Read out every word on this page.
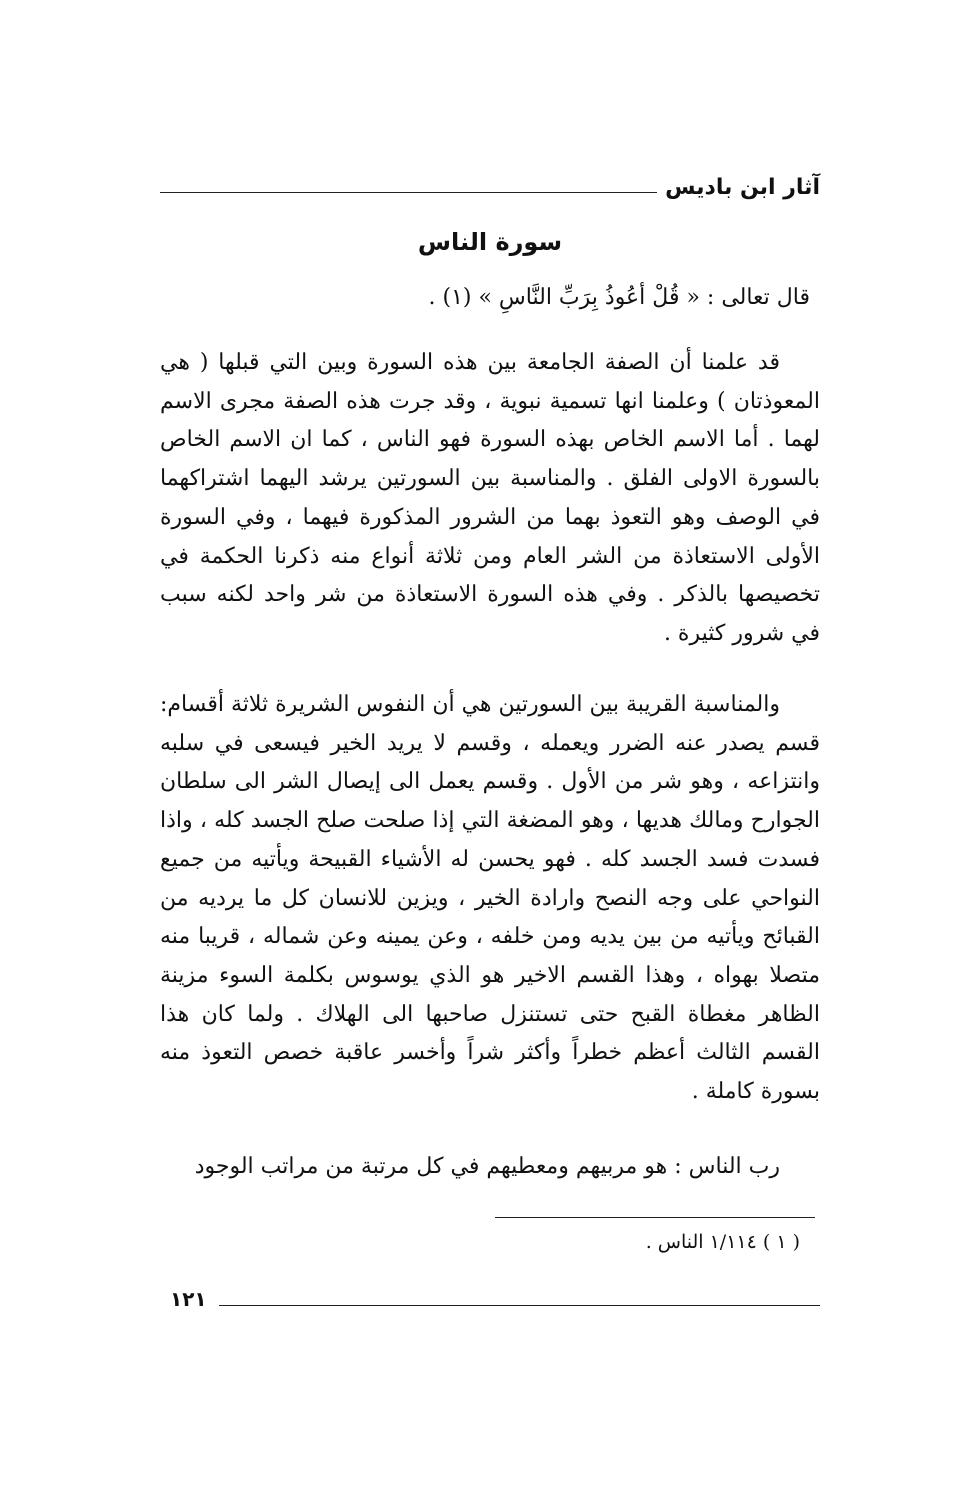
آثار ابن باديس
سورة الناس
قال تعالى : « قُلْ أعُوذُ بِرَبِّ النَّاسِ » (١) .

قد علمنا أن الصفة الجامعة بين هذه السورة وبين التي قبلها ( هي المعوذتان ) وعلمنا انها تسمية نبوية ، وقد جرت هذه الصفة مجرى الاسم لهما . أما الاسم الخاص بهذه السورة فهو الناس ، كما ان الاسم الخاص بالسورة الاولى الفلق . والمناسبة بين السورتين يرشد اليهما اشتراكهما في الوصف وهو التعوذ بهما من الشرور المذكورة فيهما ، وفي السورة الأولى الاستعاذة من الشر العام ومن ثلاثة أنواع منه ذكرنا الحكمة في تخصيصها بالذكر . وفي هذه السورة الاستعاذة من شر واحد لكنه سبب في شرور كثيرة .

والمناسبة القريبة بين السورتين هي أن النفوس الشريرة ثلاثة أقسام: قسم يصدر عنه الضرر ويعمله ، وقسم لا يريد الخير فيسعى في سلبه وانتزاعه ، وهو شر من الأول . وقسم يعمل الى إيصال الشر الى سلطان الجوارح ومالك هديها ، وهو المضغة التي إذا صلحت صلح الجسد كله ، واذا فسدت فسد الجسد كله . فهو يحسن له الأشياء القبيحة ويأتيه من جميع النواحي على وجه النصح وارادة الخير ، ويزين للانسان كل ما يرديه من القبائح ويأتيه من بين يديه ومن خلفه ، وعن يمينه وعن شماله ، قريبا منه متصلا بهواه ، وهذا القسم الاخير هو الذي يوسوس بكلمة السوء مزينة الظاهر مغطاة القبح حتى تستنزل صاحبها الى الهلاك . ولما كان هذا القسم الثالث أعظم خطراً وأكثر شراً وأخسر عاقبة خصص التعوذ منه بسورة كاملة .

رب الناس : هو مربيهم ومعطيهم في كل مرتبة من مراتب الوجود

( ١ ) ١/١١٤ الناس .
١٢١
